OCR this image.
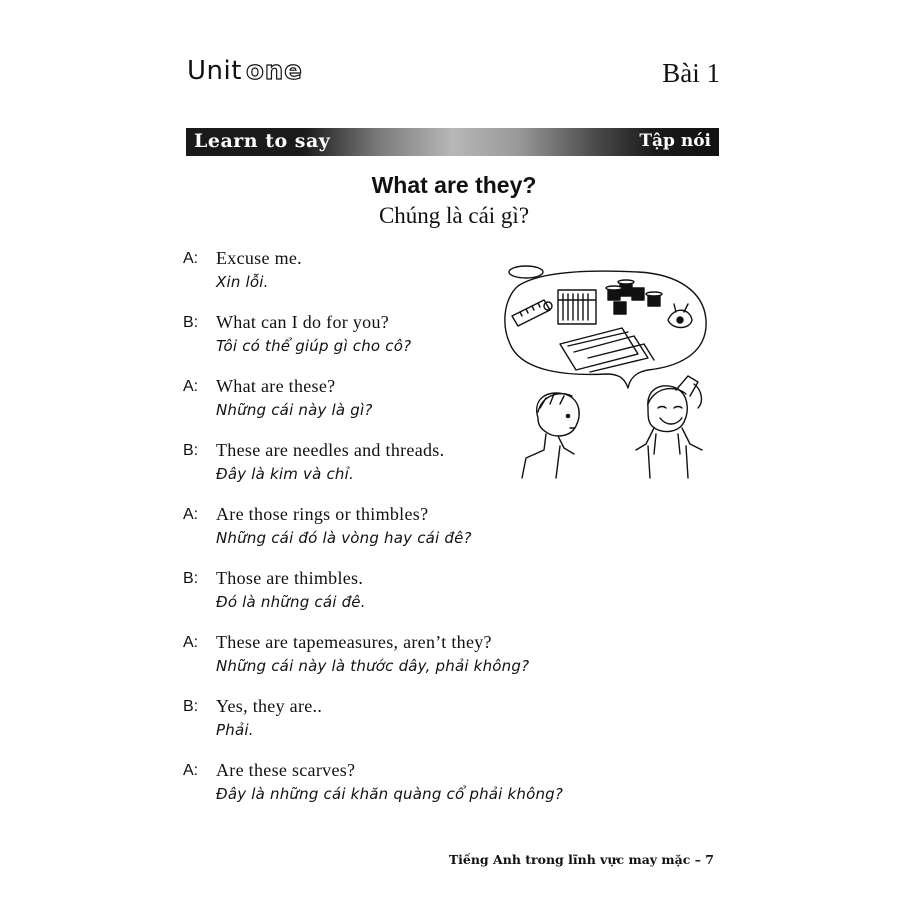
Unit one	Bài 1
Learn to say	Tập nói
What are they?
Chúng là cái gì?
A: Excuse me.
Xin lỗi.
B: What can I do for you?
Tôi có thể giúp gì cho cô?
A: What are these?
Những cái này là gì?
B: These are needles and threads.
Đây là kim và chỉ.
A: Are those rings or thimbles?
Những cái đó là vòng hay cái đê?
B: Those are thimbles.
Đó là những cái đê.
A: These are tapemeasures, aren’t they?
Những cái này là thước dây, phải không?
B: Yes, they are..
Phải.
A: Are these scarves?
Đây là những cái khăn quàng cổ phải không?
Tiếng Anh trong lĩnh vực may mặc – 7
